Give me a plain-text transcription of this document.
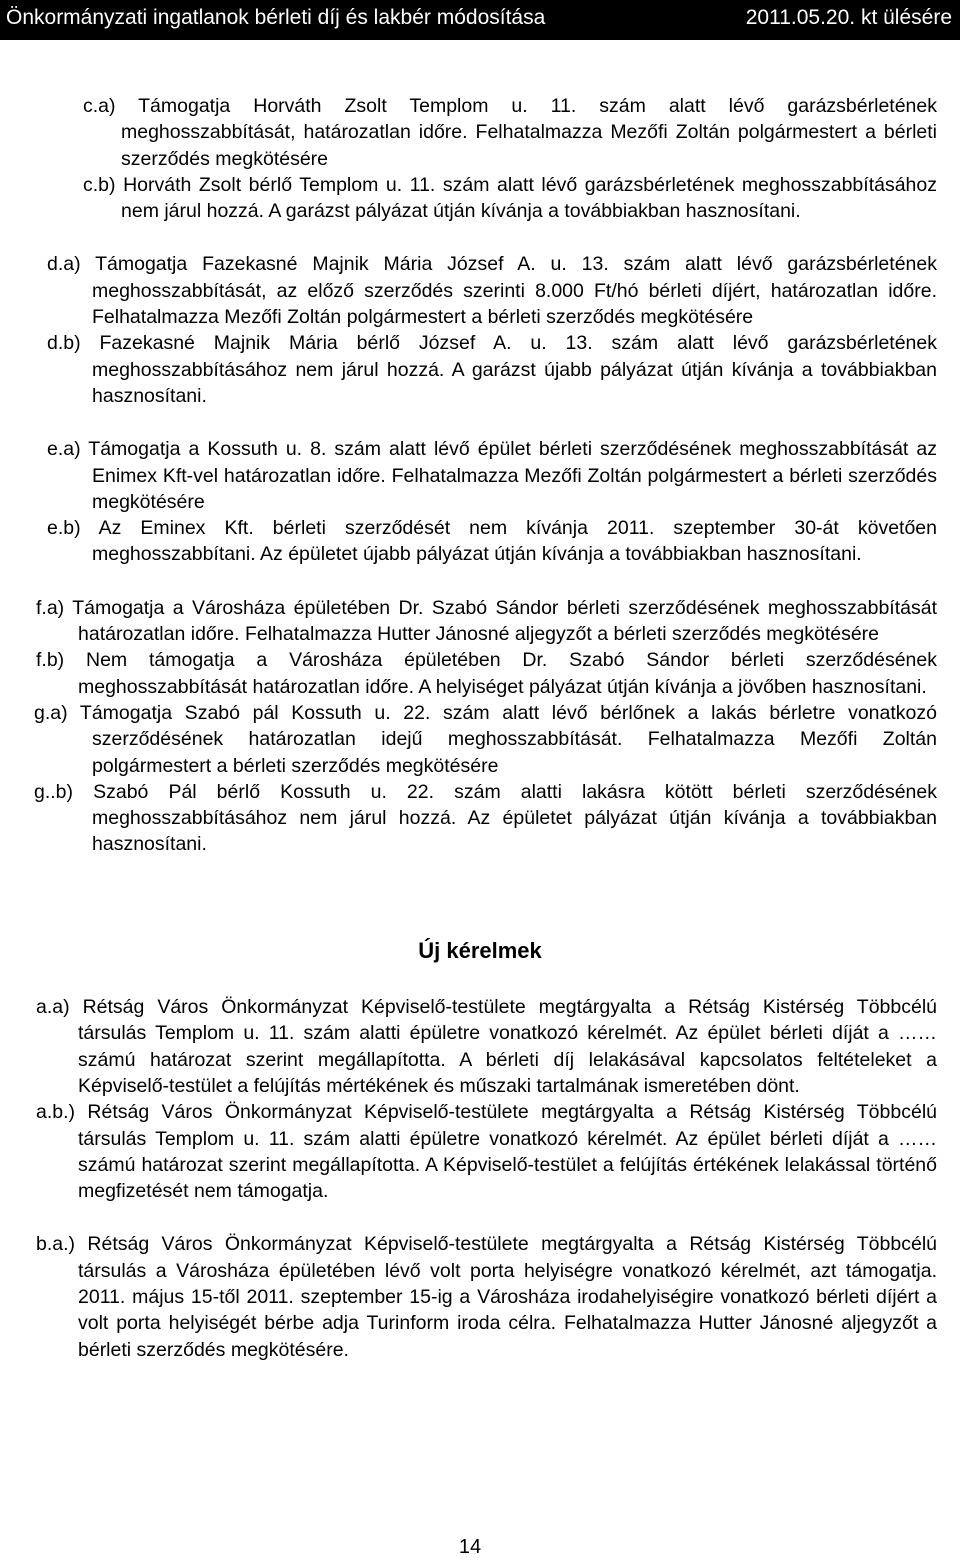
Önkormányzati ingatlanok bérleti díj és lakbér módosítása	2011.05.20. kt ülésére
c.a) Támogatja Horváth Zsolt Templom u. 11. szám alatt lévő garázsbérletének meghosszabbítását, határozatlan időre. Felhatalmazza Mezőfi Zoltán polgármestert a bérleti szerződés megkötésére
c.b) Horváth Zsolt bérlő Templom u. 11. szám alatt lévő garázsbérletének meghosszabbításához nem járul hozzá. A garázst pályázat útján kívánja a továbbiakban hasznosítani.
d.a) Támogatja Fazekasné Majnik Mária József A. u. 13. szám alatt lévő garázsbérletének meghosszabbítását, az előző szerződés szerinti 8.000 Ft/hó bérleti díjért, határozatlan időre. Felhatalmazza Mezőfi Zoltán polgármestert a bérleti szerződés megkötésére
d.b) Fazekasné Majnik Mária bérlő József A. u. 13. szám alatt lévő garázsbérletének meghosszabbításához nem járul hozzá. A garázst újabb pályázat útján kívánja a továbbiakban hasznosítani.
e.a) Támogatja a Kossuth u. 8. szám alatt lévő épület bérleti szerződésének meghosszabbítását az Enimex Kft-vel határozatlan időre. Felhatalmazza Mezőfi Zoltán polgármestert a bérleti szerződés megkötésére
e.b) Az Eminex Kft. bérleti szerződését nem kívánja 2011. szeptember 30-át követően meghosszabbítani. Az épületet újabb pályázat útján kívánja a továbbiakban hasznosítani.
f.a) Támogatja a Városháza épületében Dr. Szabó Sándor bérleti szerződésének meghosszabbítását határozatlan időre. Felhatalmazza Hutter Jánosné aljegyzőt a bérleti szerződés megkötésére
f.b) Nem támogatja a Városháza épületében Dr. Szabó Sándor bérleti szerződésének meghosszabbítását határozatlan időre. A helyiséget pályázat útján kívánja a jövőben hasznosítani.
g.a) Támogatja Szabó pál Kossuth u. 22. szám alatt lévő bérlőnek a lakás bérletre vonatkozó szerződésének határozatlan idejű meghosszabbítását. Felhatalmazza Mezőfi Zoltán polgármestert a bérleti szerződés megkötésére
g..b) Szabó Pál bérlő Kossuth u. 22. szám alatti lakásra kötött bérleti szerződésének meghosszabbításához nem járul hozzá. Az épületet pályázat útján kívánja a továbbiakban hasznosítani.
Új kérelmek
a.a) Rétság Város Önkormányzat Képviselő-testülete megtárgyalta a Rétság Kistérség Többcélú társulás Templom u. 11. szám alatti épületre vonatkozó kérelmét. Az épület bérleti díját a …… számú határozat szerint megállapította. A bérleti díj lelakásával kapcsolatos feltételeket a Képviselő-testület a felújítás mértékének és műszaki tartalmának ismeretében dönt.
a.b.) Rétság Város Önkormányzat Képviselő-testülete megtárgyalta a Rétság Kistérség Többcélú társulás Templom u. 11. szám alatti épületre vonatkozó kérelmét. Az épület bérleti díját a …… számú határozat szerint megállapította. A Képviselő-testület a felújítás értékének lelakással történő megfizetését nem támogatja.
b.a.) Rétság Város Önkormányzat Képviselő-testülete megtárgyalta a Rétság Kistérség Többcélú társulás a Városháza épületében lévő volt porta helyiségre vonatkozó kérelmét, azt támogatja. 2011. május 15-től 2011. szeptember 15-ig a Városháza irodahelyiségire vonatkozó bérleti díjért a volt porta helyiségét bérbe adja Turinform iroda célra. Felhatalmazza Hutter Jánosné aljegyzőt a bérleti szerződés megkötésére.
14
